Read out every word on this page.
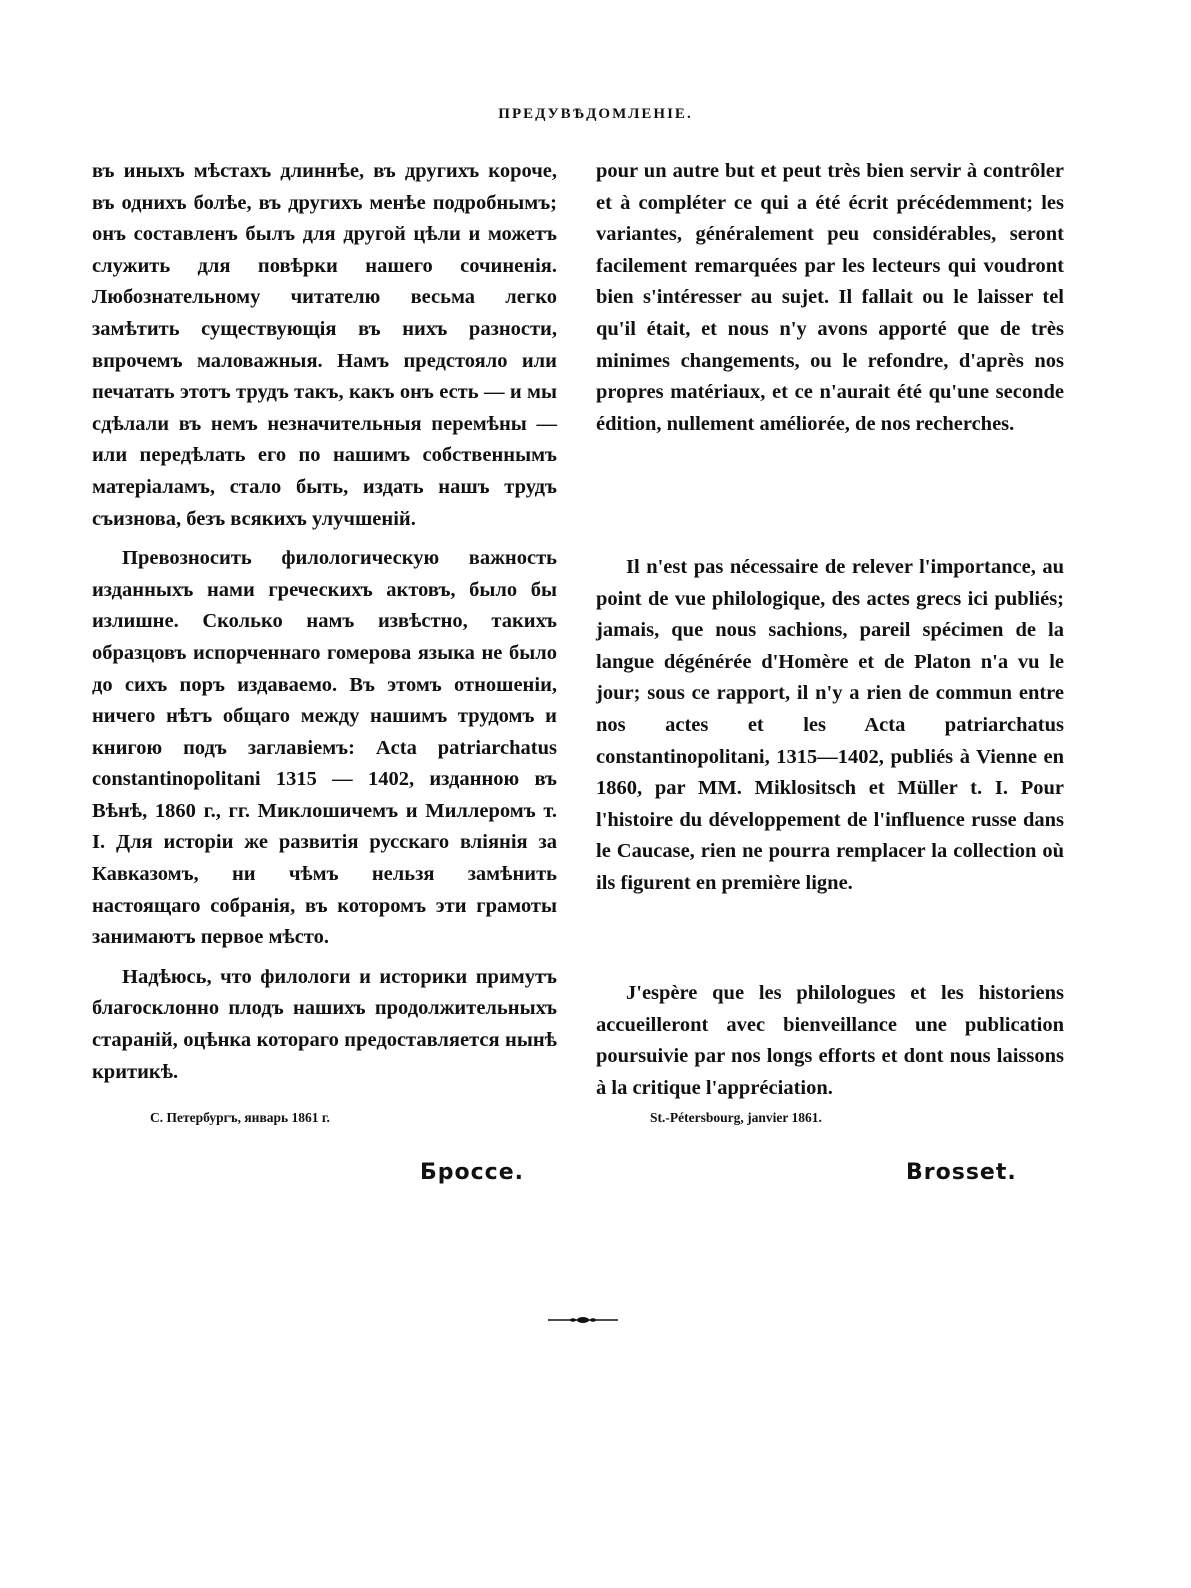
ПРЕДУВѢДОМЛЕНІЕ.

въ иныхъ мѣстахъ длиннѣе, въ другихъ короче, въ однихъ болѣе, въ другихъ менѣе подробнымъ; онъ составленъ былъ для другой цѣли и можетъ служить для повѣрки нашего сочиненія. Любознательному читателю весьма легко замѣтить существующія въ нихъ разности, впрочемъ маловажныя. Намъ предстояло или печатать этотъ трудъ такъ, какъ онъ есть — и мы сдѣлали въ немъ незначительныя перемѣны — или передѣлать его по нашимъ собственнымъ матеріаламъ, стало быть, издать нашъ трудъ съизнова, безъ всякихъ улучшеній.

Превозносить филологическую важность изданныхъ нами греческихъ актовъ, было бы излишне. Сколько намъ извѣстно, такихъ образцовъ испорченнаго гомерова языка не было до сихъ поръ издаваемо. Въ этомъ отношеніи, ничего нѣтъ общаго между нашимъ трудомъ и книгою подъ заглавіемъ: Acta patriarchatus constantinopolitani 1315 — 1402, изданною въ Вѣнѣ, 1860 г., гг. Миклошичемъ и Миллеромъ т. I. Для исторіи же развитія русскаго вліянія за Кавказомъ, ни чѣмъ нельзя замѣнить настоящаго собранія, въ которомъ эти грамоты занимаютъ первое мѣсто.

Надѣюсь, что филологи и историки примутъ благосклонно плодъ нашихъ продолжительныхъ стараній, оцѣнка котораго предоставляется нынѣ критикѣ.

pour un autre but et peut très bien servir à contrôler et à compléter ce qui a été écrit précédemment; les variantes, généralement peu considérables, seront facilement remarquées par les lecteurs qui voudront bien s'intéresser au sujet. Il fallait ou le laisser tel qu'il était, et nous n'y avons apporté que de très minimes changements, ou le refondre, d'après nos propres matériaux, et ce n'aurait été qu'une seconde édition, nullement améliorée, de nos recherches.

Il n'est pas nécessaire de relever l'importance, au point de vue philologique, des actes grecs ici publiés; jamais, que nous sachions, pareil spécimen de la langue dégénérée d'Homère et de Platon n'a vu le jour; sous ce rapport, il n'y a rien de commun entre nos actes et les Acta patriarchatus constantinopolitani, 1315—1402, publiés à Vienne en 1860, par MM. Miklositsch et Müller t. I. Pour l'histoire du développement de l'influence russe dans le Caucase, rien ne pourra remplacer la collection où ils figurent en première ligne.

J'espère que les philologues et les historiens accueilleront avec bienveillance une publication poursuivie par nos longs efforts et dont nous laissons à la critique l'appréciation.

С. Петербургъ, январь 1861 г.	St.-Pétersbourg, janvier 1861.
Броссе.	Brosset.
